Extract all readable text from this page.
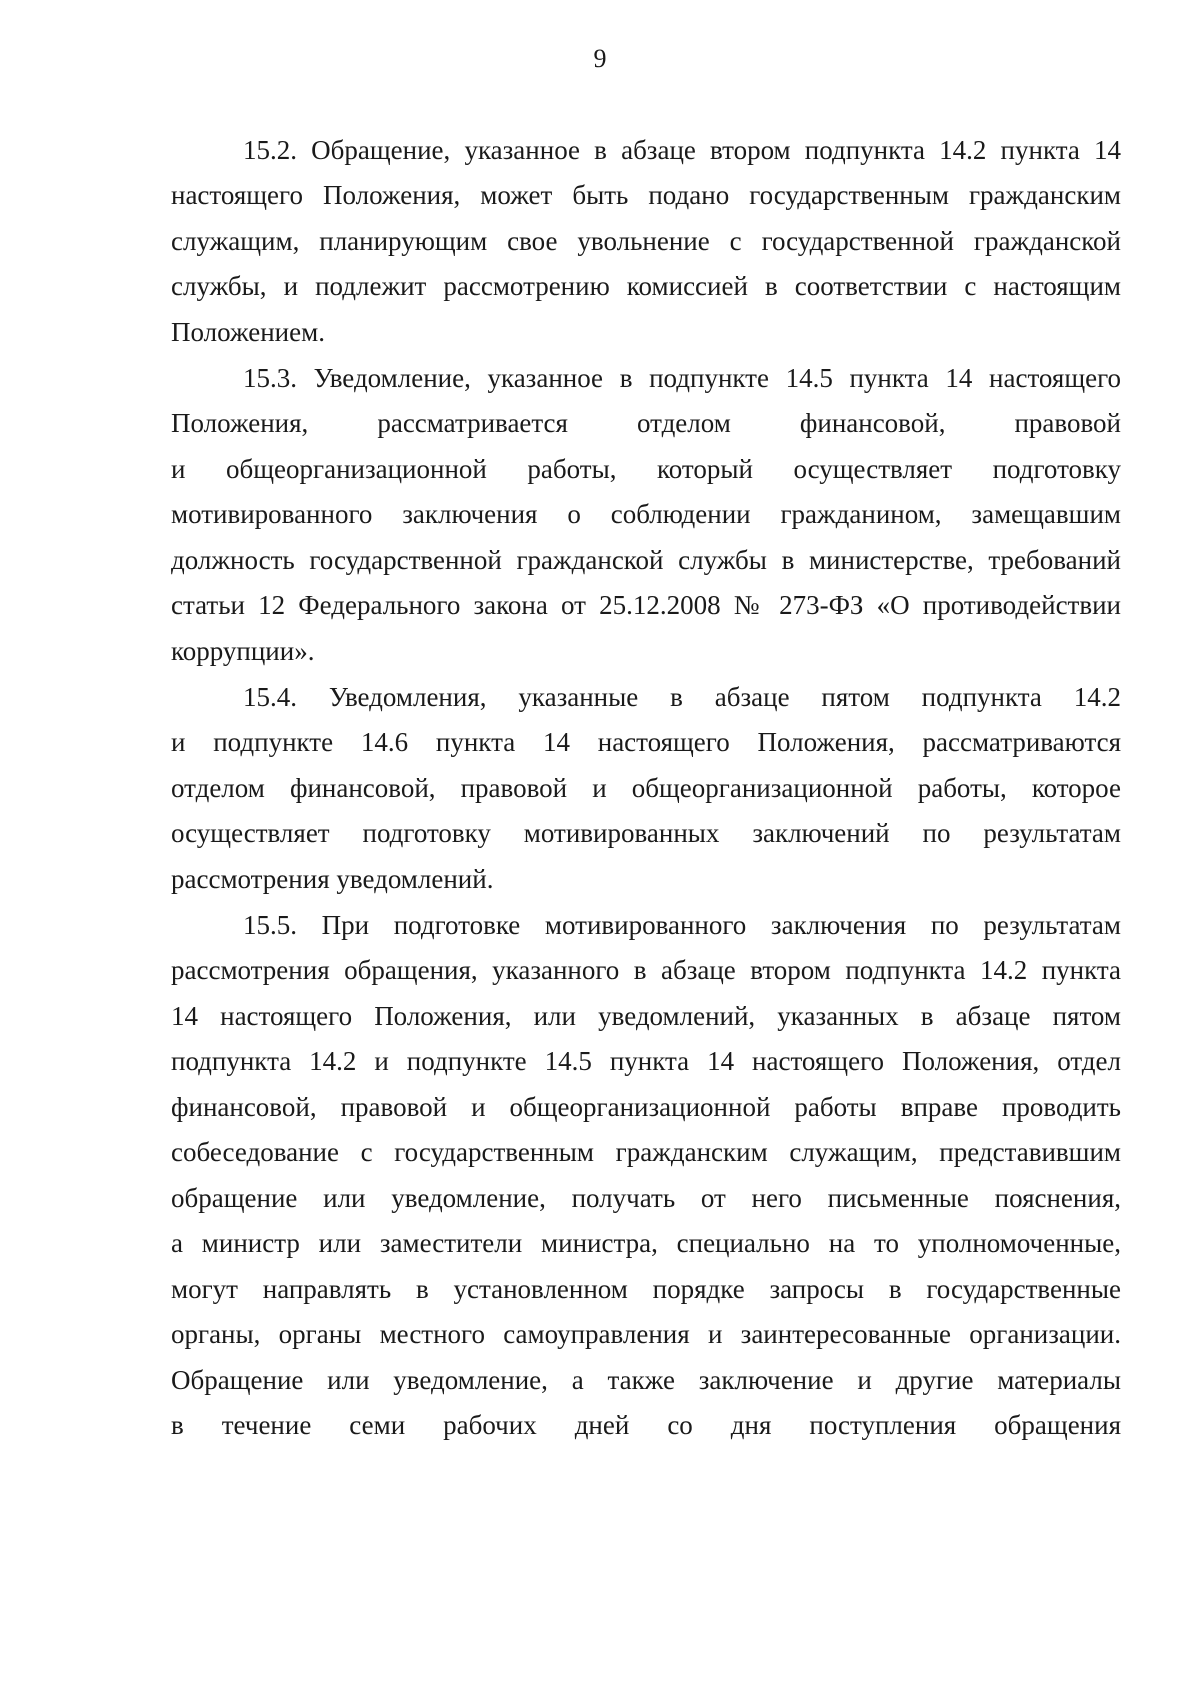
9
15.2. Обращение, указанное в абзаце втором подпункта 14.2 пункта 14
настоящего Положения, может быть подано государственным гражданским
служащим, планирующим свое увольнение с государственной гражданской
службы, и подлежит рассмотрению комиссией в соответствии с настоящим
Положением.
15.3. Уведомление, указанное в подпункте 14.5 пункта 14 настоящего
Положения, рассматривается отделом финансовой, правовой
и общеорганизационной работы, который осуществляет подготовку
мотивированного заключения о соблюдении гражданином, замещавшим
должность государственной гражданской службы в министерстве, требований
статьи 12 Федерального закона от 25.12.2008 № 273-ФЗ «О противодействии
коррупции».
15.4. Уведомления, указанные в абзаце пятом подпункта 14.2
и подпункте 14.6 пункта 14 настоящего Положения, рассматриваются
отделом финансовой, правовой и общеорганизационной работы, которое
осуществляет подготовку мотивированных заключений по результатам
рассмотрения уведомлений.
15.5. При подготовке мотивированного заключения по результатам
рассмотрения обращения, указанного в абзаце втором подпункта 14.2 пункта
14 настоящего Положения, или уведомлений, указанных в абзаце пятом
подпункта 14.2 и подпункте 14.5 пункта 14 настоящего Положения, отдел
финансовой, правовой и общеорганизационной работы вправе проводить
собеседование с государственным гражданским служащим, представившим
обращение или уведомление, получать от него письменные пояснения,
а министр или заместители министра, специально на то уполномоченные,
могут направлять в установленном порядке запросы в государственные
органы, органы местного самоуправления и заинтересованные организации.
Обращение или уведомление, а также заключение и другие материалы
в течение семи рабочих дней со дня поступления обращения
